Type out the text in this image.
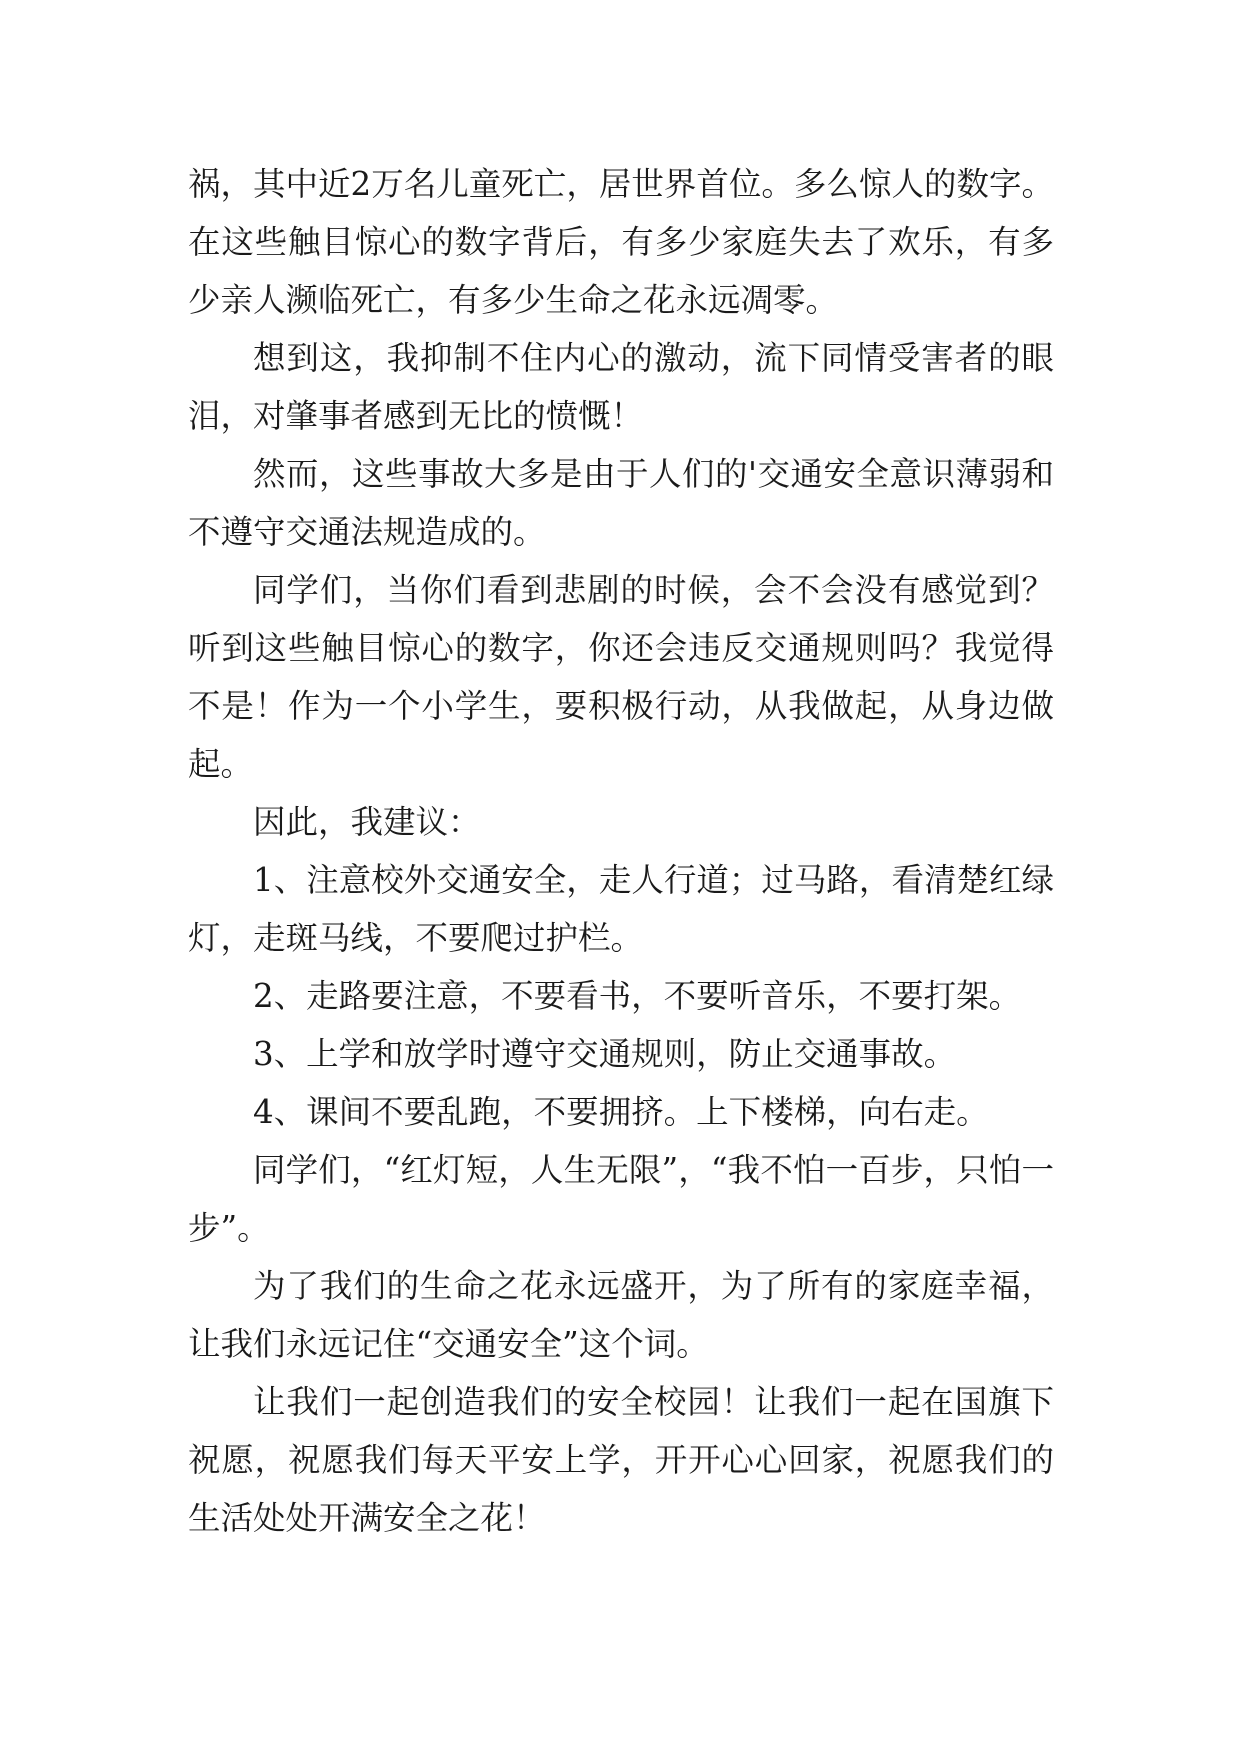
祸，其中近2万名儿童死亡，居世界首位。多么惊人的数字。在这些触目惊心的数字背后，有多少家庭失去了欢乐，有多少亲人濒临死亡，有多少生命之花永远凋零。

想到这，我抑制不住内心的激动，流下同情受害者的眼泪，对肇事者感到无比的愤慨！

然而，这些事故大多是由于人们的'交通安全意识薄弱和不遵守交通法规造成的。

同学们，当你们看到悲剧的时候，会不会没有感觉到？听到这些触目惊心的数字，你还会违反交通规则吗？我觉得不是！作为一个小学生，要积极行动，从我做起，从身边做起。

因此，我建议：

1、注意校外交通安全，走人行道；过马路，看清楚红绿灯，走斑马线，不要爬过护栏。

2、走路要注意，不要看书，不要听音乐，不要打架。

3、上学和放学时遵守交通规则，防止交通事故。

4、课间不要乱跑，不要拥挤。上下楼梯，向右走。

同学们，“红灯短，人生无限”，“我不怕一百步，只怕一步”。

为了我们的生命之花永远盛开，为了所有的家庭幸福，让我们永远记住“交通安全”这个词。

让我们一起创造我们的安全校园！让我们一起在国旗下祝愿，祝愿我们每天平安上学，开开心心回家，祝愿我们的生活处处开满安全之花！
